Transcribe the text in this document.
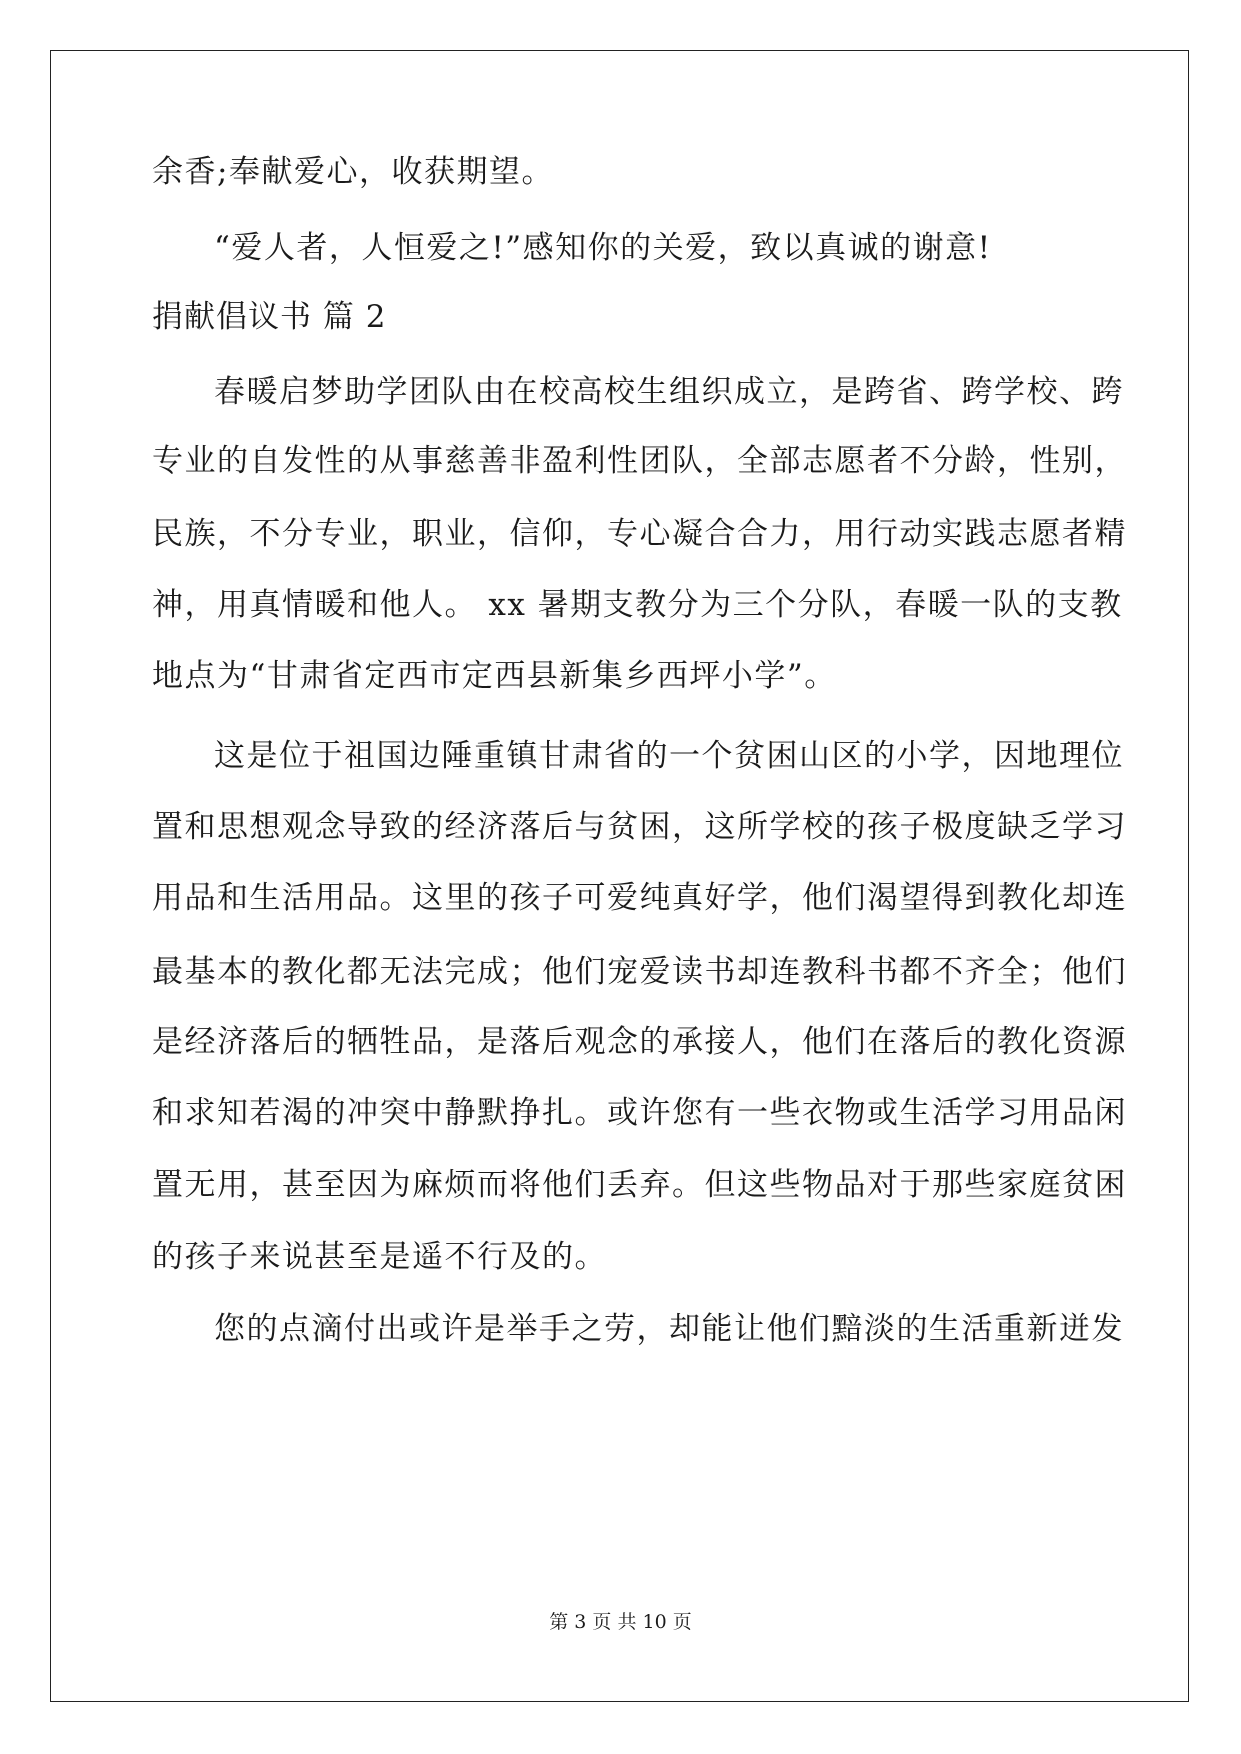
余香;奉献爱心，收获期望。
“爱人者，人恒爱之!”感知你的关爱，致以真诚的谢意!
捐献倡议书 篇 2
春暖启梦助学团队由在校高校生组织成立，是跨省、跨学校、跨
专业的自发性的从事慈善非盈利性团队，全部志愿者不分龄，性别，
民族，不分专业，职业，信仰，专心凝合合力，用行动实践志愿者精
神，用真情暖和他人。 xx 暑期支教分为三个分队，春暖一队的支教
地点为“甘肃省定西市定西县新集乡西坪小学”。
这是位于祖国边陲重镇甘肃省的一个贫困山区的小学，因地理位
置和思想观念导致的经济落后与贫困，这所学校的孩子极度缺乏学习
用品和生活用品。这里的孩子可爱纯真好学，他们渴望得到教化却连
最基本的教化都无法完成；他们宠爱读书却连教科书都不齐全；他们
是经济落后的牺牲品，是落后观念的承接人，他们在落后的教化资源
和求知若渴的冲突中静默挣扎。或许您有一些衣物或生活学习用品闲
置无用，甚至因为麻烦而将他们丢弃。但这些物品对于那些家庭贫困
的孩子来说甚至是遥不行及的。
您的点滴付出或许是举手之劳，却能让他们黯淡的生活重新迸发
第 3 页 共 10 页
